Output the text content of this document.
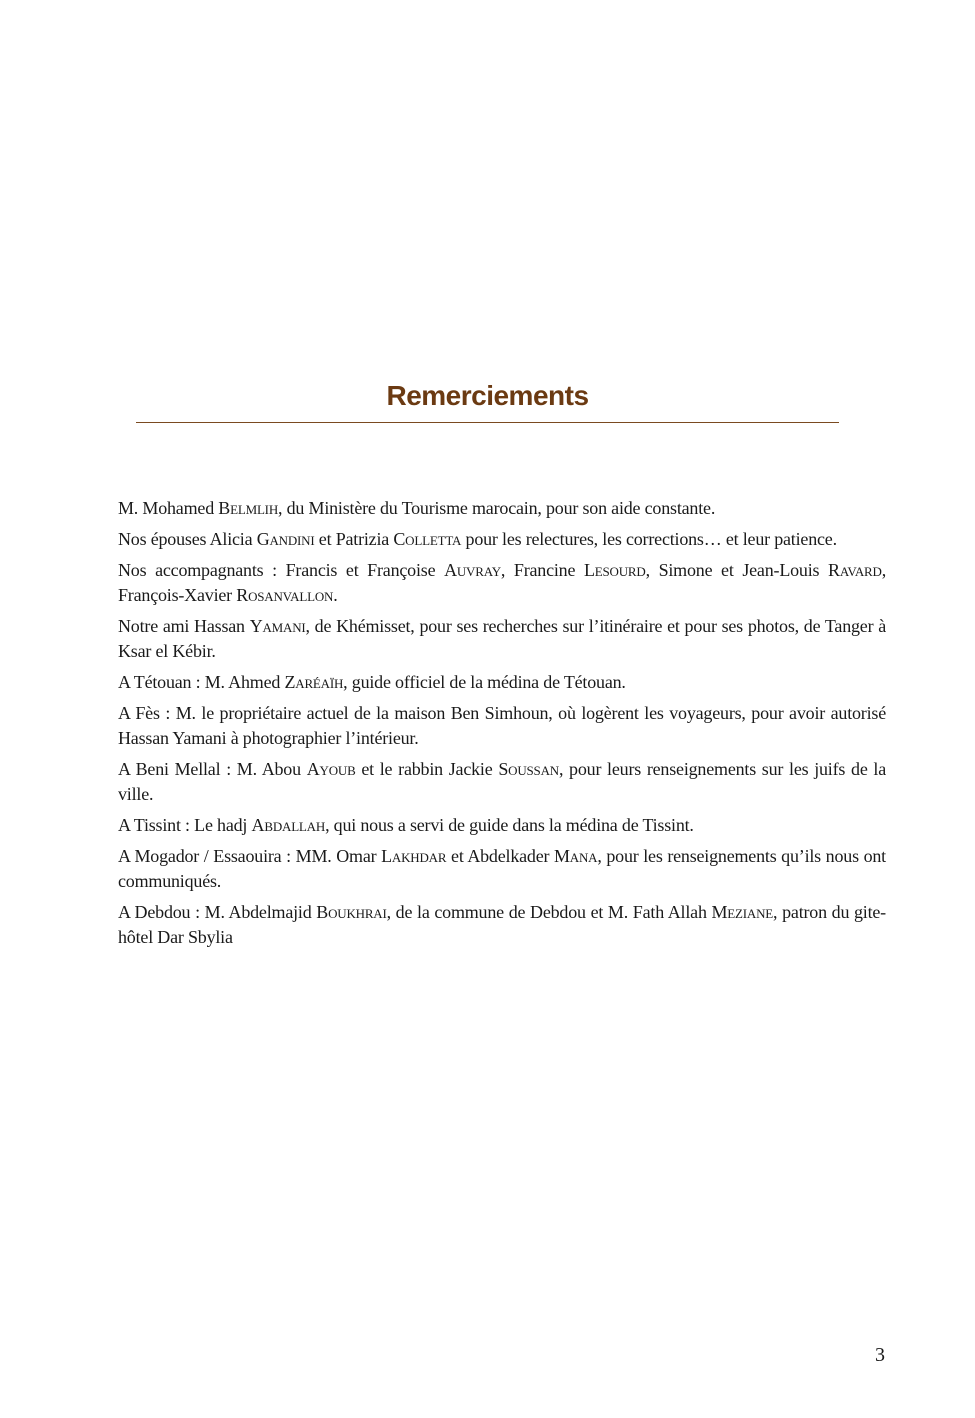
Remerciements

M. Mohamed Belmlih, du Ministère du Tourisme marocain, pour son aide constante.

Nos épouses Alicia Gandini et Patrizia Colletta pour les relectures, les corrections… et leur patience.

Nos accompagnants : Francis et Françoise Auvray, Francine Lesourd, Simone et Jean-Louis Ravard, François-Xavier Rosanvallon.

Notre ami Hassan Yamani, de Khémisset, pour ses recherches sur l’itinéraire et pour ses photos, de Tanger à Ksar el Kébir.

A Tétouan : M. Ahmed Zaréaïh, guide officiel de la médina de Tétouan.

A Fès : M. le propriétaire actuel de la maison Ben Simhoun, où logèrent les voyageurs, pour avoir autorisé Hassan Yamani à photographier l’intérieur.

A Beni Mellal : M. Abou Ayoub et le rabbin Jackie Soussan, pour leurs renseignements sur les juifs de la ville.

A Tissint : Le hadj Abdallah, qui nous a servi de guide dans la médina de Tissint.

A Mogador / Essaouira : MM. Omar Lakhdar et Abdelkader Mana, pour les renseignements qu’ils nous ont communiqués.

A Debdou : M. Abdelmajid Boukhrai, de la commune de Debdou et M. Fath Allah Meziane, patron du gite-hôtel Dar Sbylia

3
